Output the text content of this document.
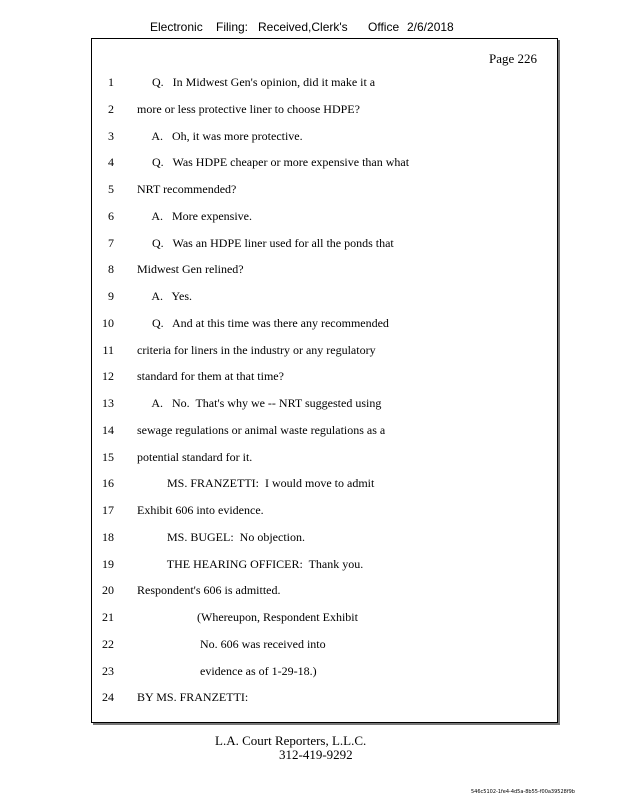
Electronic Filing: Received,Clerk's Office 2/6/2018
Page 226
1 Q.   In Midwest Gen's opinion, did it make it a
2 more or less protective liner to choose HDPE?
3 A.   Oh, it was more protective.
4 Q.   Was HDPE cheaper or more expensive than what
5 NRT recommended?
6 A.   More expensive.
7 Q.   Was an HDPE liner used for all the ponds that
8 Midwest Gen relined?
9 A.   Yes.
10 Q.   And at this time was there any recommended
11 criteria for liners in the industry or any regulatory
12 standard for them at that time?
13 A.   No.  That's why we -- NRT suggested using
14 sewage regulations or animal waste regulations as a
15 potential standard for it.
16 MS. FRANZETTI:  I would move to admit
17 Exhibit 606 into evidence.
18 MS. BUGEL:  No objection.
19 THE HEARING OFFICER:  Thank you.
20 Respondent's 606 is admitted.
21 (Whereupon, Respondent Exhibit
22 No. 606 was received into
23 evidence as of 1-29-18.)
24 BY MS. FRANZETTI:
L.A. Court Reporters, L.L.C.
312-419-9292
546c5102-1fe4-4d5a-8b55-f00a39528f9b
